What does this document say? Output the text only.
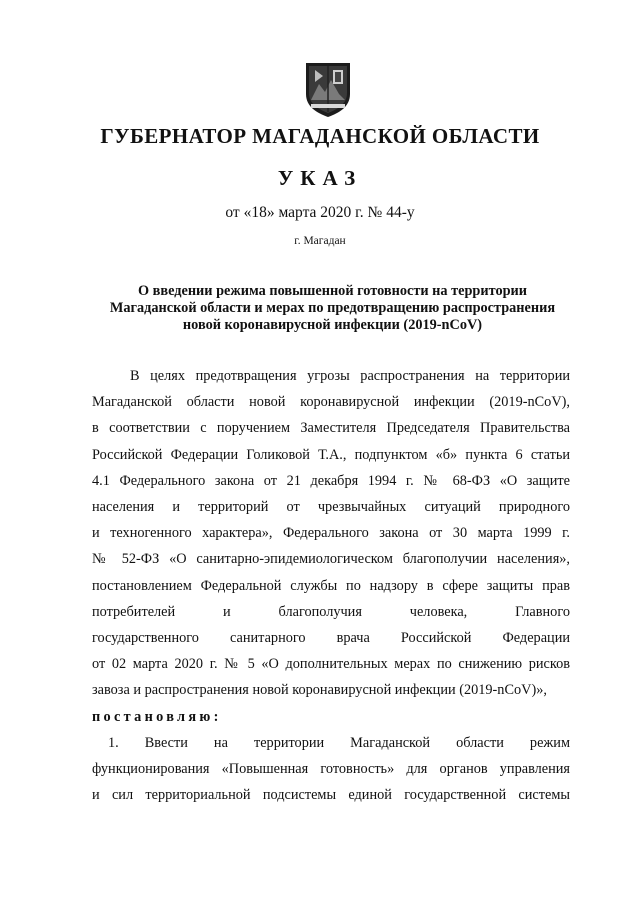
ГУБЕРНАТОР МАГАДАНСКОЙ ОБЛАСТИ
УКАЗ
от «18» марта 2020 г. № 44-у
г. Магадан
О введении режима повышенной готовности на территории
Магаданской области и мерах по предотвращению распространения
новой коронавирусной инфекции (2019-nCoV)
В целях предотвращения угрозы распространения на территории
Магаданской области новой коронавирусной инфекции (2019-nCoV),
в соответствии с поручением Заместителя Председателя Правительства
Российской Федерации Голиковой Т.А., подпунктом «б» пункта 6 статьи
4.1 Федерального закона от 21 декабря 1994 г. № 68-ФЗ «О защите
населения и территорий от чрезвычайных ситуаций природного
и техногенного характера», Федерального закона от 30 марта 1999 г.
№ 52-ФЗ «О санитарно-эпидемиологическом благополучии населения»,
постановлением Федеральной службы по надзору в сфере защиты прав
потребителей и благополучия человека, Главного
государственного санитарного врача Российской Федерации
от 02 марта 2020 г. № 5 «О дополнительных мерах по снижению рисков
завоза и распространения новой коронавирусной инфекции (2019-nCoV)»,
постановляю:
1. Ввести на территории Магаданской области режим
функционирования «Повышенная готовность» для органов управления
и сил территориальной подсистемы единой государственной системы
